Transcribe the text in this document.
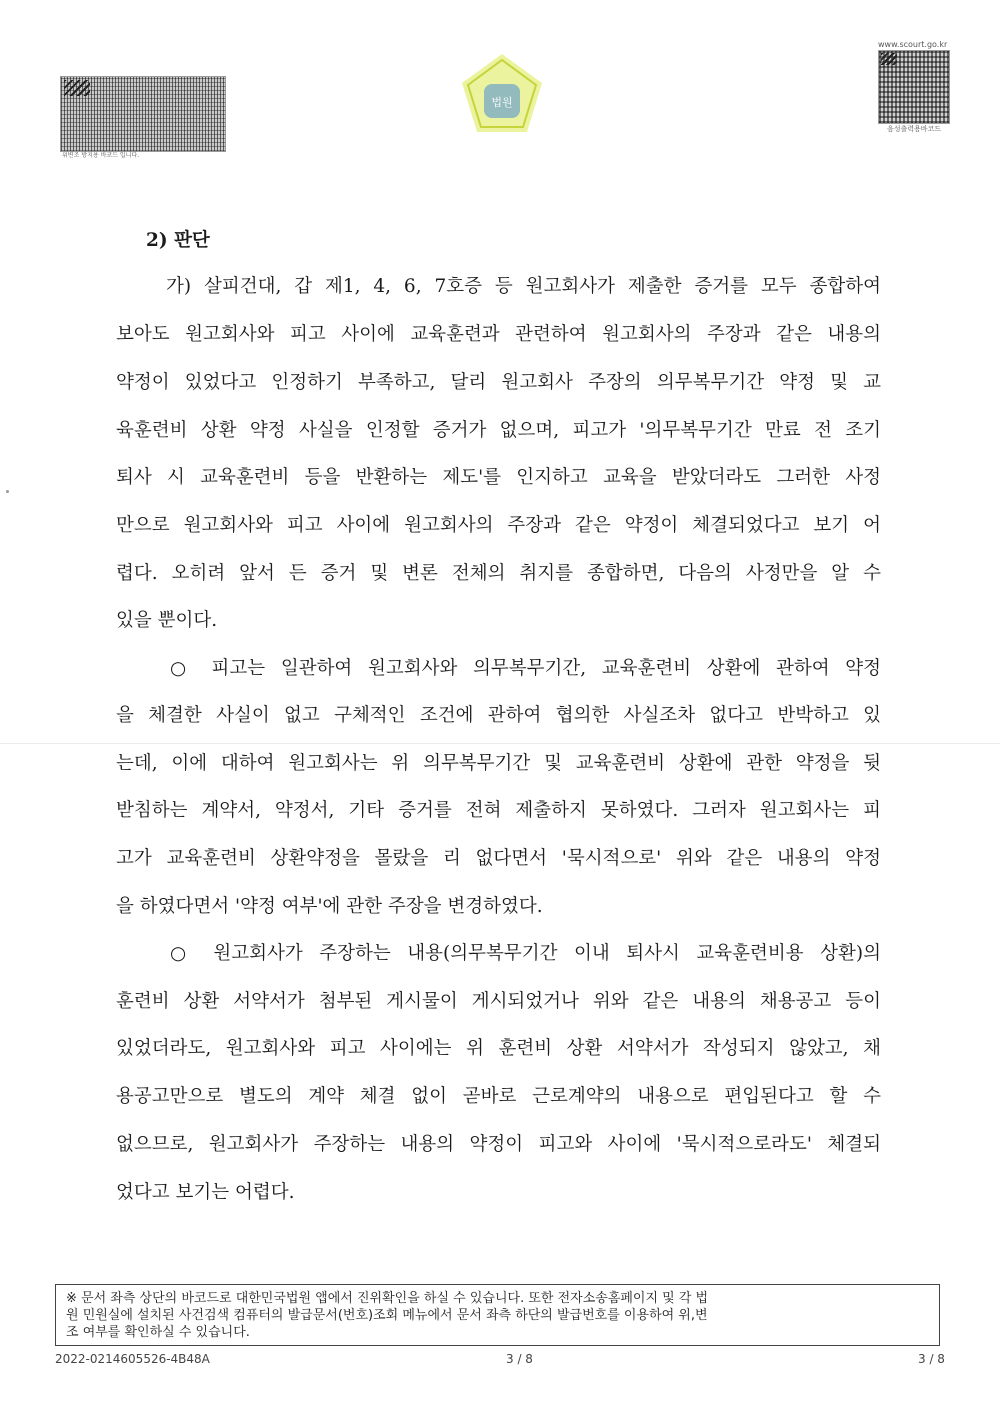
위변조 방지용 바코드 입니다.
법원
www.scourt.go.kr
음성출력용바코드
2) 판단
가) 살피건대, 갑 제1, 4, 6, 7호증 등 원고회사가 제출한 증거를 모두 종합하여
보아도 원고회사와 피고 사이에 교육훈련과 관련하여 원고회사의 주장과 같은 내용의
약정이 있었다고 인정하기 부족하고, 달리 원고회사 주장의 의무복무기간 약정 및 교
육훈련비 상환 약정 사실을 인정할 증거가 없으며, 피고가 '의무복무기간 만료 전 조기
퇴사 시 교육훈련비 등을 반환하는 제도'를 인지하고 교육을 받았더라도 그러한 사정
만으로 원고회사와 피고 사이에 원고회사의 주장과 같은 약정이 체결되었다고 보기 어
렵다. 오히려 앞서 든 증거 및 변론 전체의 취지를 종합하면, 다음의 사정만을 알 수
있을 뿐이다.
○ 피고는 일관하여 원고회사와 의무복무기간, 교육훈련비 상환에 관하여 약정
을 체결한 사실이 없고 구체적인 조건에 관하여 협의한 사실조차 없다고 반박하고 있
는데, 이에 대하여 원고회사는 위 의무복무기간 및 교육훈련비 상환에 관한 약정을 뒷
받침하는 계약서, 약정서, 기타 증거를 전혀 제출하지 못하였다. 그러자 원고회사는 피
고가 교육훈련비 상환약정을 몰랐을 리 없다면서 '묵시적으로' 위와 같은 내용의 약정
을 하였다면서 '약정 여부'에 관한 주장을 변경하였다.
○ 원고회사가 주장하는 내용(의무복무기간 이내 퇴사시 교육훈련비용 상환)의
훈련비 상환 서약서가 첨부된 게시물이 게시되었거나 위와 같은 내용의 채용공고 등이
있었더라도, 원고회사와 피고 사이에는 위 훈련비 상환 서약서가 작성되지 않았고, 채
용공고만으로 별도의 계약 체결 없이 곧바로 근로계약의 내용으로 편입된다고 할 수
없으므로, 원고회사가 주장하는 내용의 약정이 피고와 사이에 '묵시적으로라도' 체결되
었다고 보기는 어렵다.
※ 문서 좌측 상단의 바코드로 대한민국법원 앱에서 진위확인을 하실 수 있습니다. 또한 전자소송홈페이지 및 각 법
원 민원실에 설치된 사건검색 컴퓨터의 발급문서(번호)조회 메뉴에서 문서 좌측 하단의 발급번호를 이용하여 위,변
조 여부를 확인하실 수 있습니다.
2022-0214605526-4B48A	3 / 8	3 / 8
